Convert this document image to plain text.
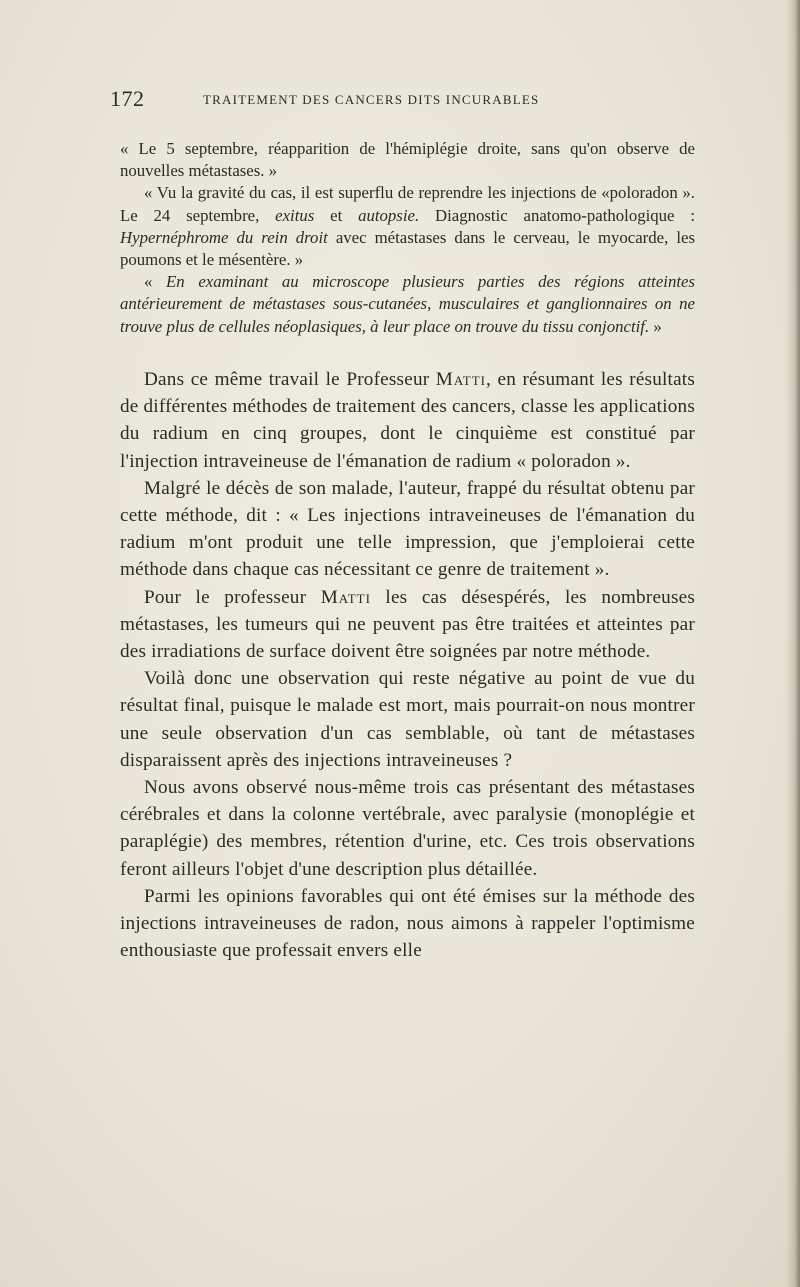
172	TRAITEMENT DES CANCERS DITS INCURABLES

« Le 5 septembre, réapparition de l'hémiplégie droite, sans qu'on observe de nouvelles métastases. »

« Vu la gravité du cas, il est superflu de reprendre les injections de «poloradon ». Le 24 septembre, exitus et autopsie. Diagnostic anatomo-pathologique : Hypernéphrome du rein droit avec métastases dans le cerveau, le myocarde, les poumons et le mésentère. »

« En examinant au microscope plusieurs parties des régions atteintes antérieurement de métastases sous-cutanées, musculaires et ganglionnaires on ne trouve plus de cellules néoplasiques, à leur place on trouve du tissu conjonctif. »

Dans ce même travail le Professeur Matti, en résumant les résultats de différentes méthodes de traitement des cancers, classe les applications du radium en cinq groupes, dont le cinquième est constitué par l'injection intraveineuse de l'émanation de radium « poloradon ».

Malgré le décès de son malade, l'auteur, frappé du résultat obtenu par cette méthode, dit : « Les injections intraveineuses de l'émanation du radium m'ont produit une telle impression, que j'emploierai cette méthode dans chaque cas nécessitant ce genre de traitement ».

Pour le professeur Matti les cas désespérés, les nombreuses métastases, les tumeurs qui ne peuvent pas être traitées et atteintes par des irradiations de surface doivent être soignées par notre méthode.

Voilà donc une observation qui reste négative au point de vue du résultat final, puisque le malade est mort, mais pourrait-on nous montrer une seule observation d'un cas semblable, où tant de métastases disparaissent après des injections intraveineuses ?

Nous avons observé nous-même trois cas présentant des métastases cérébrales et dans la colonne vertébrale, avec paralysie (monoplégie et paraplégie) des membres, rétention d'urine, etc. Ces trois observations feront ailleurs l'objet d'une description plus détaillée.

Parmi les opinions favorables qui ont été émises sur la méthode des injections intraveineuses de radon, nous aimons à rappeler l'optimisme enthousiaste que professait envers elle
